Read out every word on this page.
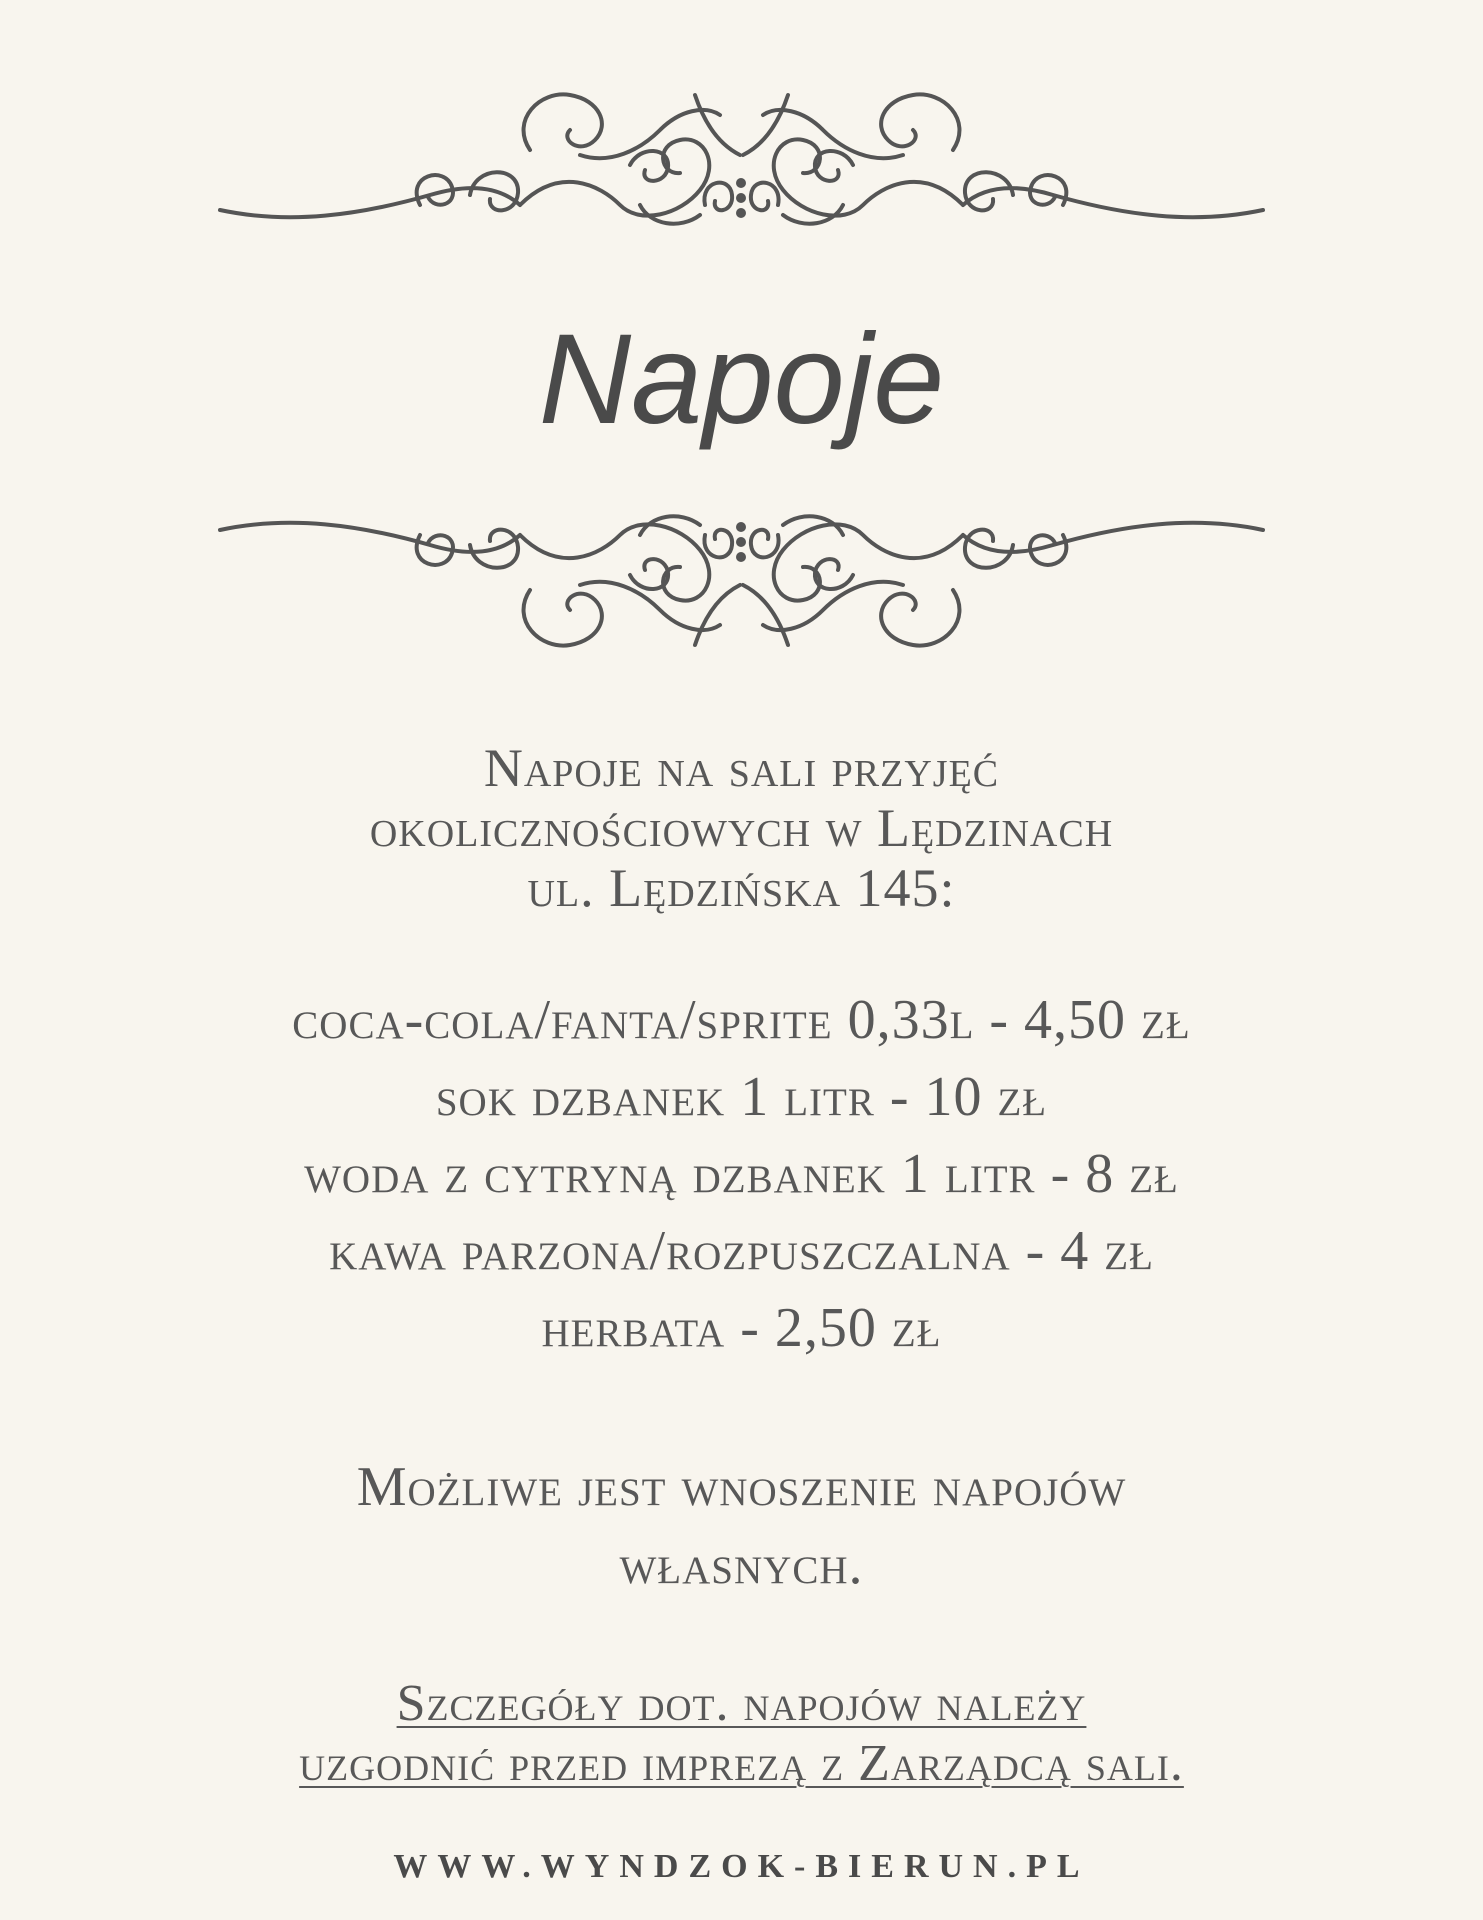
Napoje
Napoje na sali przyjęć
okolicznościowych w Lędzinach
ul. Lędzińska 145:
coca-cola/fanta/sprite 0,33l - 4,50 zł
sok dzbanek 1 litr - 10 zł
woda z cytryną dzbanek 1 litr - 8 zł
kawa parzona/rozpuszczalna - 4 zł
herbata - 2,50 zł
Możliwe jest wnoszenie napojów
własnych.
Szczegóły dot. napojów należy
uzgodnić przed imprezą z Zarządcą sali.
WWW.WYNDZOK-BIERUN.PL
